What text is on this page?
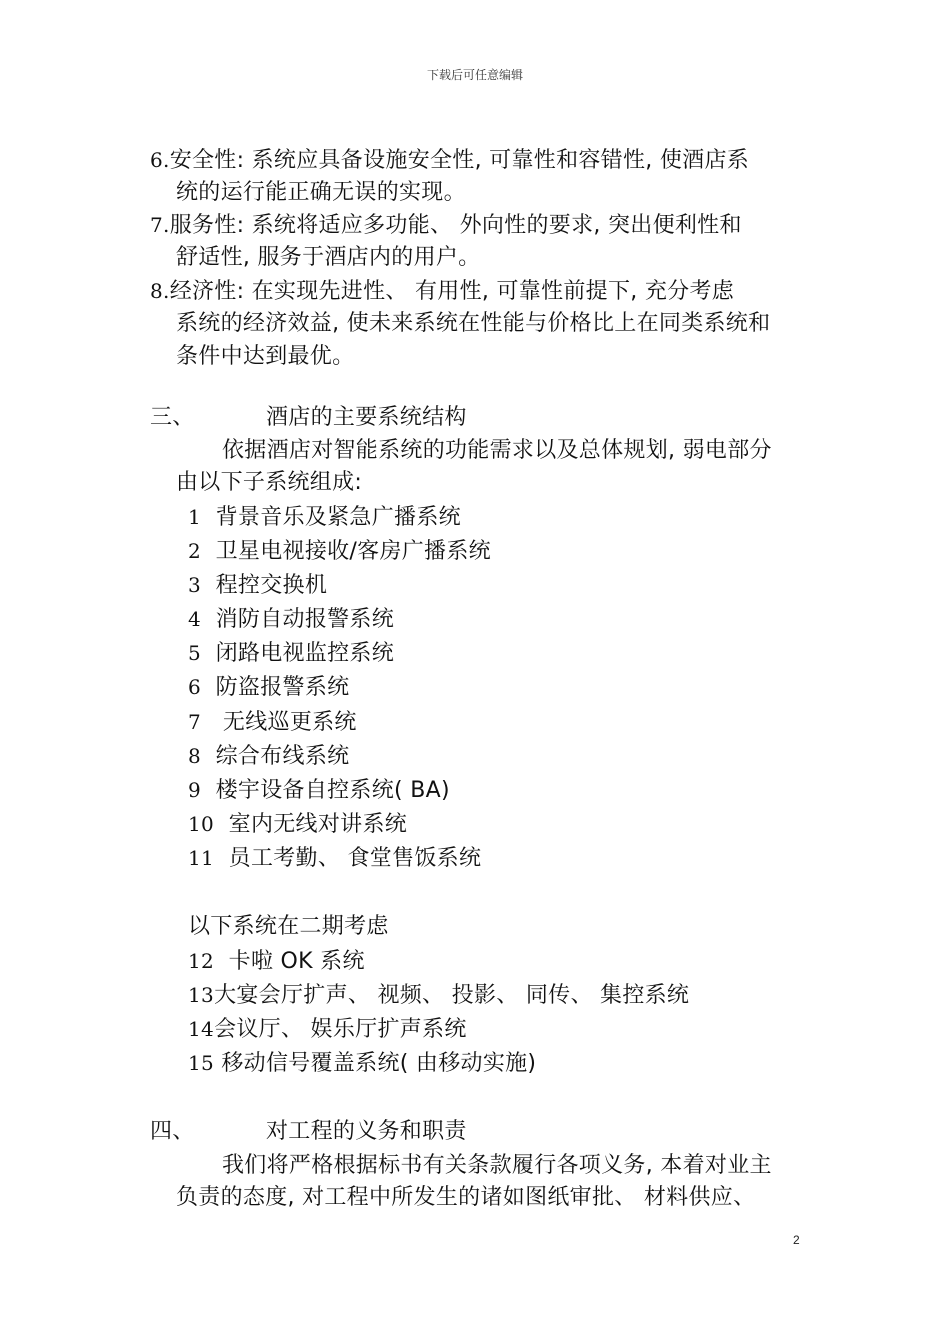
下载后可任意编辑
6.安全性: 系统应具备设施安全性, 可靠性和容错性, 使酒店系
统的运行能正确无误的实现。
7.服务性: 系统将适应多功能、 外向性的要求, 突出便利性和
舒适性, 服务于酒店内的用户。
8.经济性: 在实现先进性、 有用性, 可靠性前提下, 充分考虑
系统的经济效益, 使未来系统在性能与价格比上在同类系统和
条件中达到最优。
三、	酒店的主要系统结构
依据酒店对智能系统的功能需求以及总体规划, 弱电部分
由以下子系统组成:
1 背景音乐及紧急广播系统
2 卫星电视接收/客房广播系统
3 程控交换机
4 消防自动报警系统
5 闭路电视监控系统
6 防盗报警系统
7 无线巡更系统
8 综合布线系统
9 楼宇设备自控系统( BA)
10 室内无线对讲系统
11 员工考勤、 食堂售饭系统
以下系统在二期考虑
12 卡啦 OK 系统
13大宴会厅扩声、 视频、 投影、 同传、 集控系统
14会议厅、 娱乐厅扩声系统
15 移动信号覆盖系统( 由移动实施)
四、	对工程的义务和职责
我们将严格根据标书有关条款履行各项义务, 本着对业主
负责的态度, 对工程中所发生的诸如图纸审批、 材料供应、
2
